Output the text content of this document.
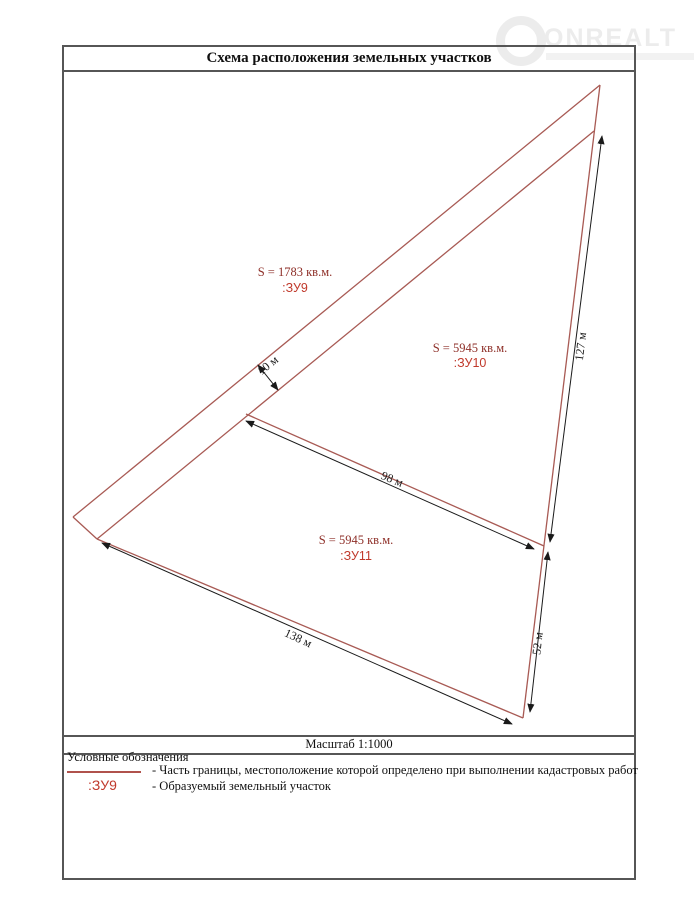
ONREALT
Схема расположения земельных участков
S = 1783 кв.м.
:ЗУ9
S = 5945 кв.м.
:ЗУ10
S = 5945 кв.м.
:ЗУ11
10 м
127 м
98 м
138 м	52 м
Масштаб 1:1000
Условные обозначения
- Часть границы, местоположение которой определено при выполнении кадастровых работ
:ЗУ9	- Образуемый земельный участок
